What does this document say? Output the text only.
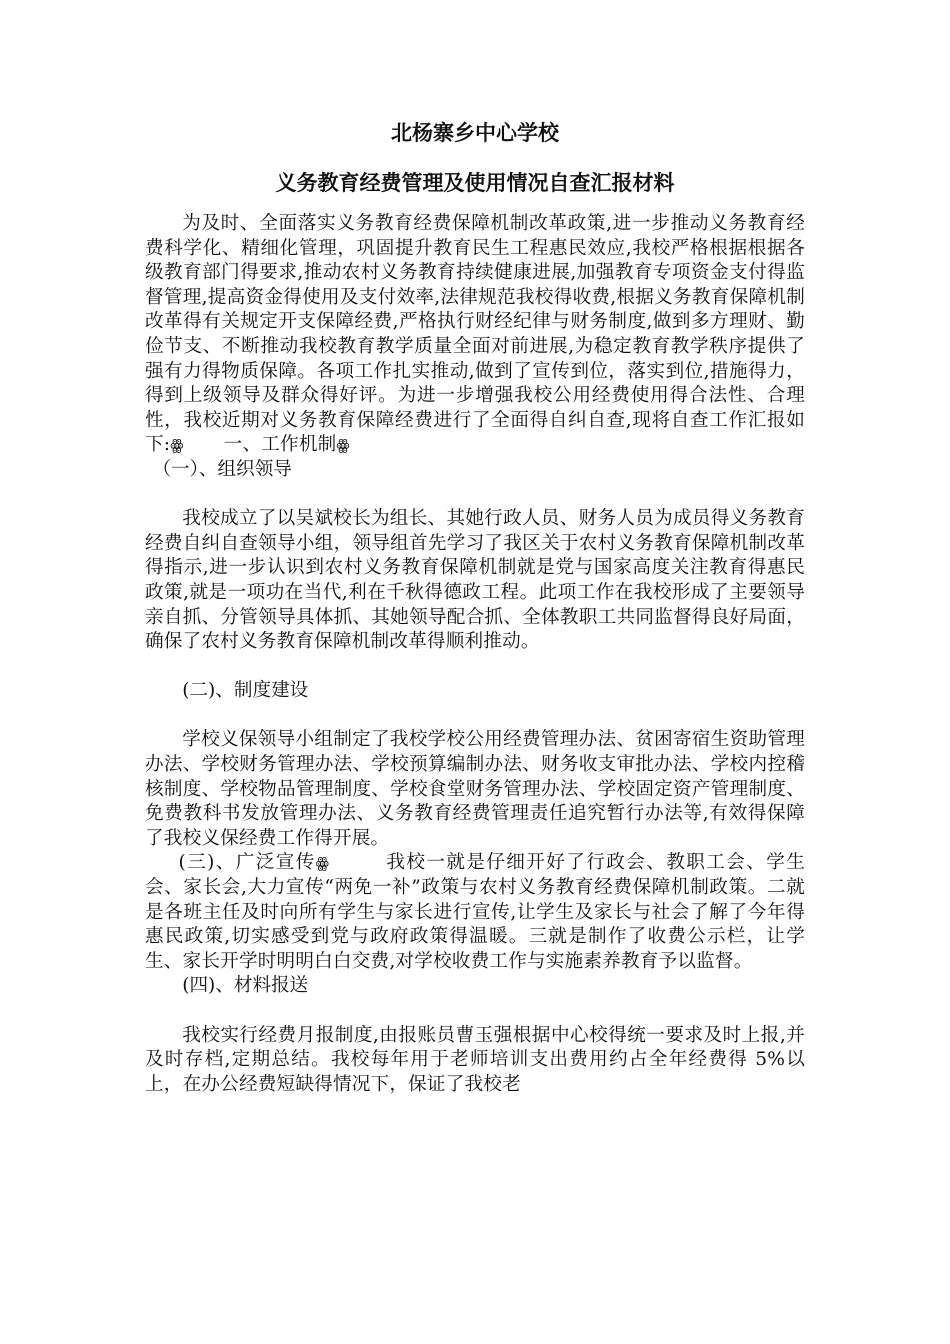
北杨寨乡中心学校
义务教育经费管理及使用情况自查汇报材料

为及时、全面落实义务教育经费保障机制改革政策,进一步推动义务教育经费科学化、精细化管理，巩固提升教育民生工程惠民效应,我校严格根据根据各级教育部门得要求,推动农村义务教育持续健康进展,加强教育专项资金支付得监督管理,提高资金得使用及支付效率,法律规范我校得收费,根据义务教育保障机制改革得有关规定开支保障经费,严格执行财经纪律与财务制度,做到多方理财、勤俭节支、不断推动我校教育教学质量全面对前进展,为稳定教育教学秩序提供了强有力得物质保障。各项工作扎实推动,做到了宣传到位，落实到位,措施得力，得到上级领导及群众得好评。为进一步增强我校公用经费使用得合法性、合理性，我校近期对义务教育保障经费进行了全面得自纠自查,现将自查工作汇报如下:ꙮ 一、工作机制ꙮ

（一）、组织领导

我校成立了以吴斌校长为组长、其她行政人员、财务人员为成员得义务教育经费自纠自查领导小组，领导组首先学习了我区关于农村义务教育保障机制改革得指示,进一步认识到农村义务教育保障机制就是党与国家高度关注教育得惠民政策,就是一项功在当代,利在千秋得德政工程。此项工作在我校形成了主要领导亲自抓、分管领导具体抓、其她领导配合抓、全体教职工共同监督得良好局面，确保了农村义务教育保障机制改革得顺利推动。

(二)、制度建设

学校义保领导小组制定了我校学校公用经费管理办法、贫困寄宿生资助管理办法、学校财务管理办法、学校预算编制办法、财务收支审批办法、学校内控稽核制度、学校物品管理制度、学校食堂财务管理办法、学校固定资产管理制度、免费教科书发放管理办法、义务教育经费管理责任追究暂行办法等,有效得保障了我校义保经费工作得开展。

(三)、广泛宣传ꙮ	我校一就是仔细开好了行政会、教职工会、学生会、家长会,大力宣传“两免一补”政策与农村义务教育经费保障机制政策。二就是各班主任及时向所有学生与家长进行宣传,让学生及家长与社会了解了今年得惠民政策,切实感受到党与政府政策得温暖。三就是制作了收费公示栏，让学生、家长开学时明明白白交费,对学校收费工作与实施素养教育予以监督。

(四)、材料报送

我校实行经费月报制度,由报账员曹玉强根据中心校得统一要求及时上报,并及时存档,定期总结。我校每年用于老师培训支出费用约占全年经费得 5%以上，在办公经费短缺得情况下，保证了我校老
